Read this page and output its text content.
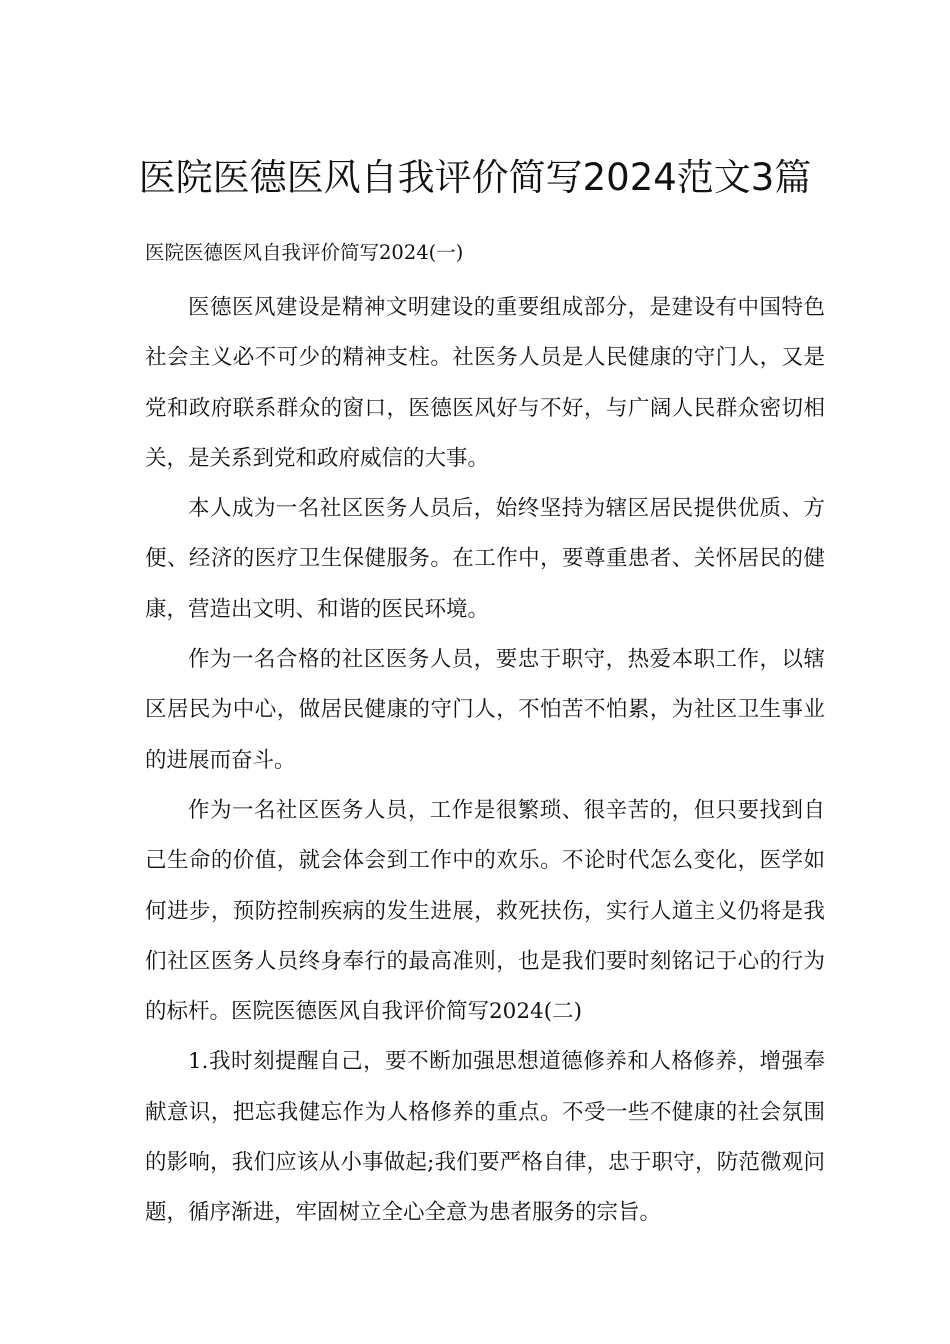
医院医德医风自我评价简写2024范文3篇
医院医德医风自我评价简写2024(一)

医德医风建设是精神文明建设的重要组成部分，是建设有中国特色社会主义必不可少的精神支柱。社医务人员是人民健康的守门人，又是党和政府联系群众的窗口，医德医风好与不好，与广阔人民群众密切相关，是关系到党和政府威信的大事。

本人成为一名社区医务人员后，始终坚持为辖区居民提供优质、方便、经济的医疗卫生保健服务。在工作中，要尊重患者、关怀居民的健康，营造出文明、和谐的医民环境。

作为一名合格的社区医务人员，要忠于职守，热爱本职工作，以辖区居民为中心，做居民健康的守门人，不怕苦不怕累，为社区卫生事业的进展而奋斗。

作为一名社区医务人员，工作是很繁琐、很辛苦的，但只要找到自己生命的价值，就会体会到工作中的欢乐。不论时代怎么变化，医学如何进步，预防控制疾病的发生进展，救死扶伤，实行人道主义仍将是我们社区医务人员终身奉行的最高准则，也是我们要时刻铭记于心的行为的标杆。医院医德医风自我评价简写2024(二)

1.我时刻提醒自己，要不断加强思想道德修养和人格修养，增强奉献意识，把忘我健忘作为人格修养的重点。不受一些不健康的社会氛围的影响，我们应该从小事做起;我们要严格自律，忠于职守，防范微观问题，循序渐进，牢固树立全心全意为患者服务的宗旨。
